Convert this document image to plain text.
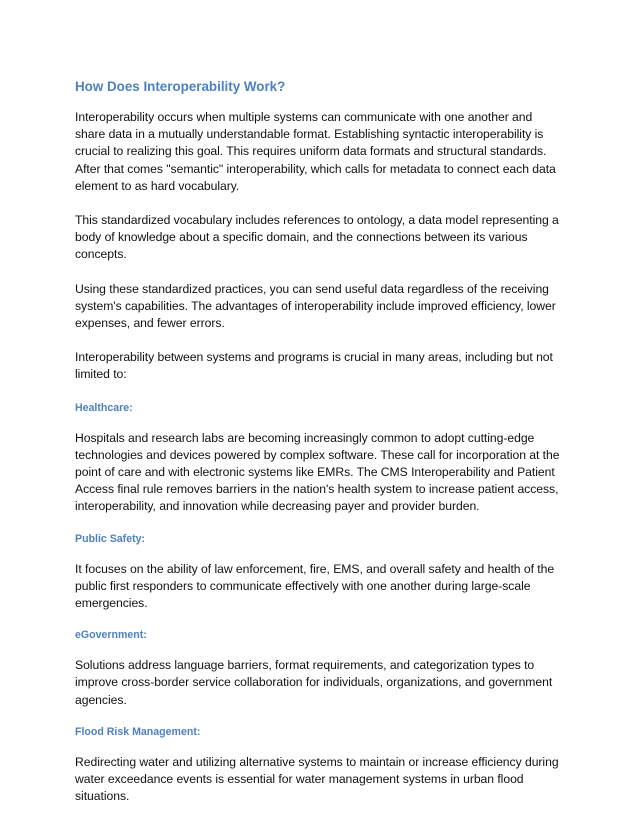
How Does Interoperability Work?

Interoperability occurs when multiple systems can communicate with one another and share data in a mutually understandable format. Establishing syntactic interoperability is crucial to realizing this goal. This requires uniform data formats and structural standards. After that comes "semantic" interoperability, which calls for metadata to connect each data element to as hard vocabulary.

This standardized vocabulary includes references to ontology, a data model representing a body of knowledge about a specific domain, and the connections between its various concepts.

Using these standardized practices, you can send useful data regardless of the receiving system's capabilities. The advantages of interoperability include improved efficiency, lower expenses, and fewer errors.

Interoperability between systems and programs is crucial in many areas, including but not limited to:

Healthcare:

Hospitals and research labs are becoming increasingly common to adopt cutting-edge technologies and devices powered by complex software. These call for incorporation at the point of care and with electronic systems like EMRs. The CMS Interoperability and Patient Access final rule removes barriers in the nation's health system to increase patient access, interoperability, and innovation while decreasing payer and provider burden.

Public Safety:

It focuses on the ability of law enforcement, fire, EMS, and overall safety and health of the public first responders to communicate effectively with one another during large-scale emergencies.

eGovernment:

Solutions address language barriers, format requirements, and categorization types to improve cross-border service collaboration for individuals, organizations, and government agencies.

Flood Risk Management:

Redirecting water and utilizing alternative systems to maintain or increase efficiency during water exceedance events is essential for water management systems in urban flood situations.
